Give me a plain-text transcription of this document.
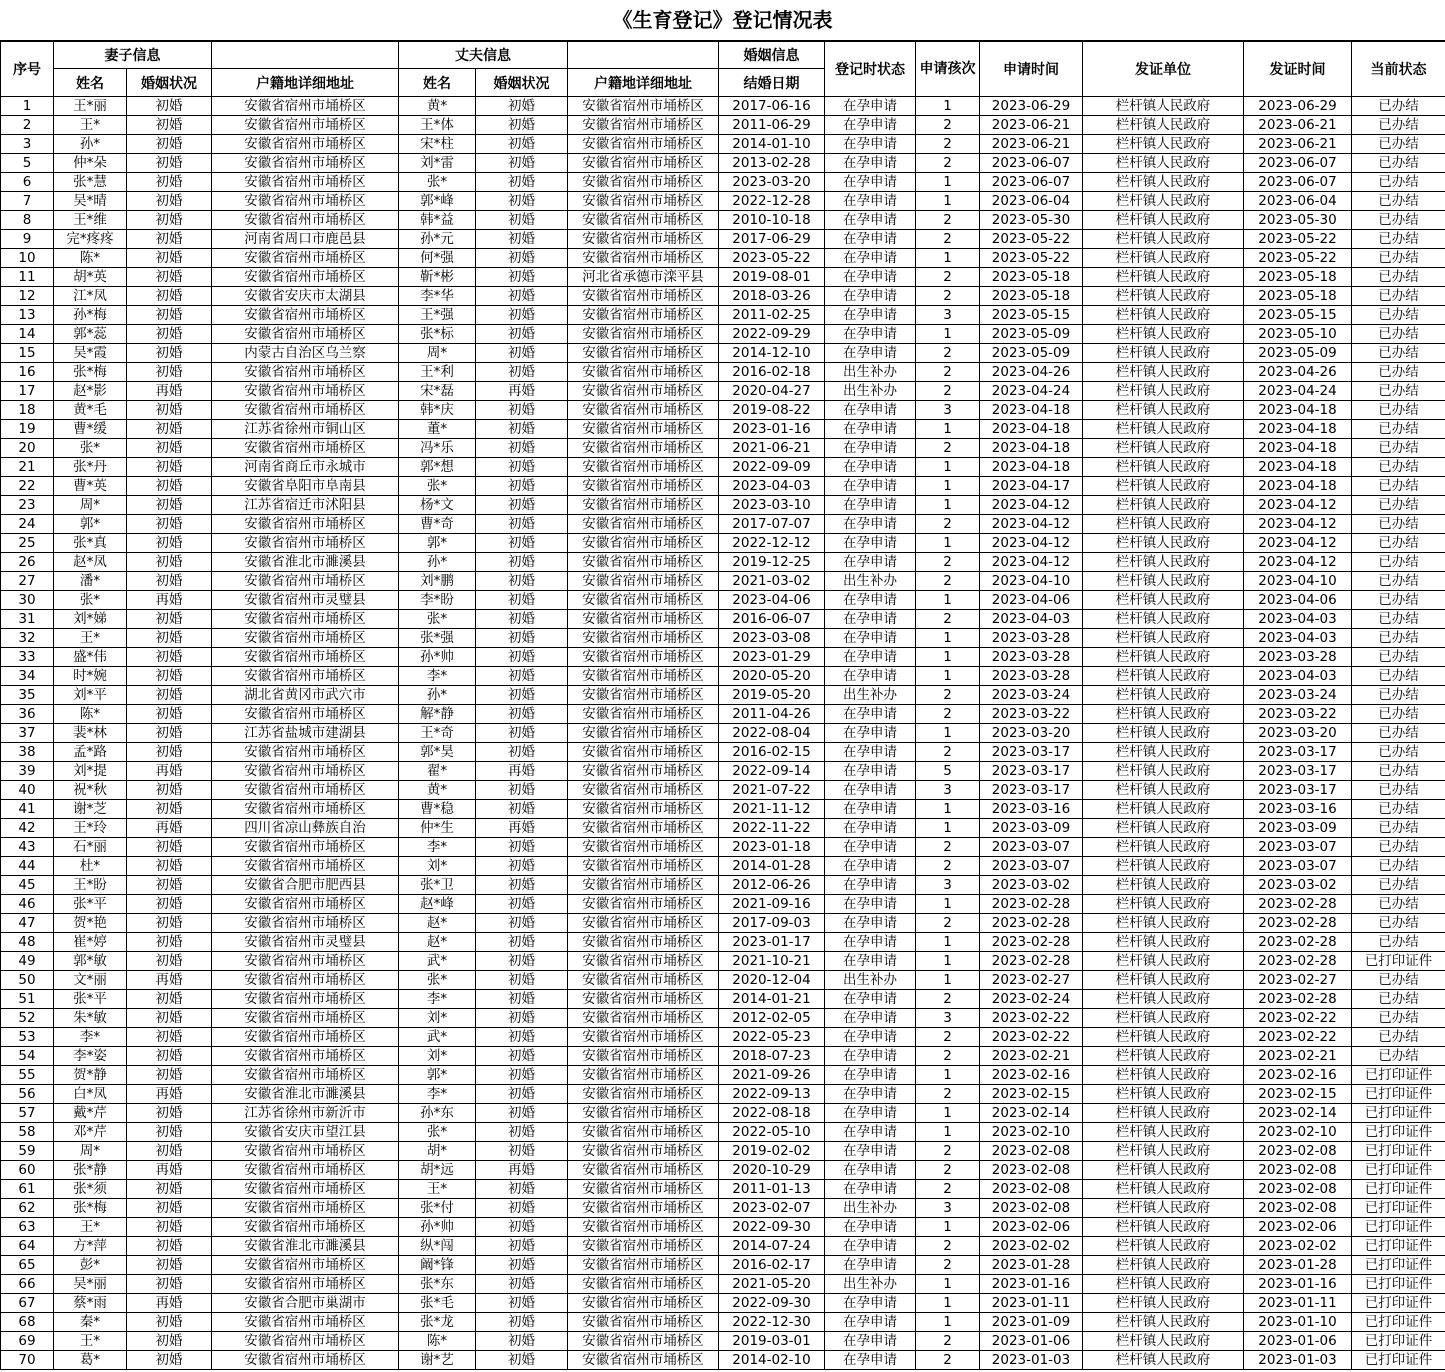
《生育登记》登记情况表
序号	妻子信息			丈夫信息			婚姻信息	登记时状态	申请孩次	申请时间	发证单位	发证时间	当前状态
	姓名	婚姻状况	户籍地详细地址	姓名	婚姻状况	户籍地详细地址	结婚日期						
1	王*丽	初婚	安徽省宿州市埇桥区	黄*	初婚	安徽省宿州市埇桥区	2017-06-16	在孕申请	1	2023-06-29	栏杆镇人民政府	2023-06-29	已办结
2	王*	初婚	安徽省宿州市埇桥区	王*体	初婚	安徽省宿州市埇桥区	2011-06-29	在孕申请	2	2023-06-21	栏杆镇人民政府	2023-06-21	已办结
3	孙*	初婚	安徽省宿州市埇桥区	宋*柱	初婚	安徽省宿州市埇桥区	2014-01-10	在孕申请	2	2023-06-21	栏杆镇人民政府	2023-06-21	已办结
5	仲*朵	初婚	安徽省宿州市埇桥区	刘*雷	初婚	安徽省宿州市埇桥区	2013-02-28	在孕申请	2	2023-06-07	栏杆镇人民政府	2023-06-07	已办结
6	张*慧	初婚	安徽省宿州市埇桥区	张*	初婚	安徽省宿州市埇桥区	2023-03-20	在孕申请	1	2023-06-07	栏杆镇人民政府	2023-06-07	已办结
7	吴*晴	初婚	安徽省宿州市埇桥区	郭*峰	初婚	安徽省宿州市埇桥区	2022-12-28	在孕申请	1	2023-06-04	栏杆镇人民政府	2023-06-04	已办结
8	王*维	初婚	安徽省宿州市埇桥区	韩*益	初婚	安徽省宿州市埇桥区	2010-10-18	在孕申请	2	2023-05-30	栏杆镇人民政府	2023-05-30	已办结
9	完*疼疼	初婚	河南省周口市鹿邑县	孙*元	初婚	安徽省宿州市埇桥区	2017-06-29	在孕申请	2	2023-05-22	栏杆镇人民政府	2023-05-22	已办结
10	陈*	初婚	安徽省宿州市埇桥区	何*强	初婚	安徽省宿州市埇桥区	2023-05-22	在孕申请	1	2023-05-22	栏杆镇人民政府	2023-05-22	已办结
11	胡*英	初婚	安徽省宿州市埇桥区	靳*彬	初婚	河北省承德市滦平县	2019-08-01	在孕申请	2	2023-05-18	栏杆镇人民政府	2023-05-18	已办结
12	江*凤	初婚	安徽省安庆市太湖县	李*华	初婚	安徽省宿州市埇桥区	2018-03-26	在孕申请	2	2023-05-18	栏杆镇人民政府	2023-05-18	已办结
13	孙*梅	初婚	安徽省宿州市埇桥区	王*强	初婚	安徽省宿州市埇桥区	2011-02-25	在孕申请	3	2023-05-15	栏杆镇人民政府	2023-05-15	已办结
14	郭*蕊	初婚	安徽省宿州市埇桥区	张*标	初婚	安徽省宿州市埇桥区	2022-09-29	在孕申请	1	2023-05-09	栏杆镇人民政府	2023-05-10	已办结
15	吴*霞	初婚	内蒙古自治区乌兰察	周*	初婚	安徽省宿州市埇桥区	2014-12-10	在孕申请	2	2023-05-09	栏杆镇人民政府	2023-05-09	已办结
16	张*梅	初婚	安徽省宿州市埇桥区	王*利	初婚	安徽省宿州市埇桥区	2016-02-18	出生补办	2	2023-04-26	栏杆镇人民政府	2023-04-26	已办结
17	赵*影	再婚	安徽省宿州市埇桥区	宋*磊	再婚	安徽省宿州市埇桥区	2020-04-27	出生补办	2	2023-04-24	栏杆镇人民政府	2023-04-24	已办结
18	黄*毛	初婚	安徽省宿州市埇桥区	韩*庆	初婚	安徽省宿州市埇桥区	2019-08-22	在孕申请	3	2023-04-18	栏杆镇人民政府	2023-04-18	已办结
19	曹*缓	初婚	江苏省徐州市铜山区	董*	初婚	安徽省宿州市埇桥区	2023-01-16	在孕申请	1	2023-04-18	栏杆镇人民政府	2023-04-18	已办结
20	张*	初婚	安徽省宿州市埇桥区	冯*乐	初婚	安徽省宿州市埇桥区	2021-06-21	在孕申请	2	2023-04-18	栏杆镇人民政府	2023-04-18	已办结
21	张*丹	初婚	河南省商丘市永城市	郭*想	初婚	安徽省宿州市埇桥区	2022-09-09	在孕申请	1	2023-04-18	栏杆镇人民政府	2023-04-18	已办结
22	曹*英	初婚	安徽省阜阳市阜南县	张*	初婚	安徽省宿州市埇桥区	2023-04-03	在孕申请	1	2023-04-17	栏杆镇人民政府	2023-04-18	已办结
23	周*	初婚	江苏省宿迁市沭阳县	杨*文	初婚	安徽省宿州市埇桥区	2023-03-10	在孕申请	1	2023-04-12	栏杆镇人民政府	2023-04-12	已办结
24	郭*	初婚	安徽省宿州市埇桥区	曹*奇	初婚	安徽省宿州市埇桥区	2017-07-07	在孕申请	2	2023-04-12	栏杆镇人民政府	2023-04-12	已办结
25	张*真	初婚	安徽省宿州市埇桥区	郭*	初婚	安徽省宿州市埇桥区	2022-12-12	在孕申请	1	2023-04-12	栏杆镇人民政府	2023-04-12	已办结
26	赵*凤	初婚	安徽省淮北市濉溪县	孙*	初婚	安徽省宿州市埇桥区	2019-12-25	在孕申请	2	2023-04-12	栏杆镇人民政府	2023-04-12	已办结
27	潘*	初婚	安徽省宿州市埇桥区	刘*鹏	初婚	安徽省宿州市埇桥区	2021-03-02	出生补办	2	2023-04-10	栏杆镇人民政府	2023-04-10	已办结
30	张*	再婚	安徽省宿州市灵璧县	李*盼	初婚	安徽省宿州市埇桥区	2023-04-06	在孕申请	1	2023-04-06	栏杆镇人民政府	2023-04-06	已办结
31	刘*娣	初婚	安徽省宿州市埇桥区	张*	初婚	安徽省宿州市埇桥区	2016-06-07	在孕申请	2	2023-04-03	栏杆镇人民政府	2023-04-03	已办结
32	王*	初婚	安徽省宿州市埇桥区	张*强	初婚	安徽省宿州市埇桥区	2023-03-08	在孕申请	1	2023-03-28	栏杆镇人民政府	2023-04-03	已办结
33	盛*伟	初婚	安徽省宿州市埇桥区	孙*帅	初婚	安徽省宿州市埇桥区	2023-01-29	在孕申请	1	2023-03-28	栏杆镇人民政府	2023-03-28	已办结
34	时*婉	初婚	安徽省宿州市埇桥区	李*	初婚	安徽省宿州市埇桥区	2020-05-20	在孕申请	1	2023-03-28	栏杆镇人民政府	2023-04-03	已办结
35	刘*平	初婚	湖北省黄冈市武穴市	孙*	初婚	安徽省宿州市埇桥区	2019-05-20	出生补办	2	2023-03-24	栏杆镇人民政府	2023-03-24	已办结
36	陈*	初婚	安徽省宿州市埇桥区	解*静	初婚	安徽省宿州市埇桥区	2011-04-26	在孕申请	2	2023-03-22	栏杆镇人民政府	2023-03-22	已办结
37	裴*林	初婚	江苏省盐城市建湖县	王*奇	初婚	安徽省宿州市埇桥区	2022-08-04	在孕申请	1	2023-03-20	栏杆镇人民政府	2023-03-20	已办结
38	孟*路	初婚	安徽省宿州市埇桥区	郭*昊	初婚	安徽省宿州市埇桥区	2016-02-15	在孕申请	2	2023-03-17	栏杆镇人民政府	2023-03-17	已办结
39	刘*提	再婚	安徽省宿州市埇桥区	翟*	再婚	安徽省宿州市埇桥区	2022-09-14	在孕申请	5	2023-03-17	栏杆镇人民政府	2023-03-17	已办结
40	祝*秋	初婚	安徽省宿州市埇桥区	黄*	初婚	安徽省宿州市埇桥区	2021-07-22	在孕申请	3	2023-03-17	栏杆镇人民政府	2023-03-17	已办结
41	谢*芝	初婚	安徽省宿州市埇桥区	曹*稳	初婚	安徽省宿州市埇桥区	2021-11-12	在孕申请	1	2023-03-16	栏杆镇人民政府	2023-03-16	已办结
42	王*玲	再婚	四川省凉山彝族自治	仲*生	再婚	安徽省宿州市埇桥区	2022-11-22	在孕申请	1	2023-03-09	栏杆镇人民政府	2023-03-09	已办结
43	石*丽	初婚	安徽省宿州市埇桥区	李*	初婚	安徽省宿州市埇桥区	2023-01-18	在孕申请	2	2023-03-07	栏杆镇人民政府	2023-03-07	已办结
44	杜*	初婚	安徽省宿州市埇桥区	刘*	初婚	安徽省宿州市埇桥区	2014-01-28	在孕申请	2	2023-03-07	栏杆镇人民政府	2023-03-07	已办结
45	王*盼	初婚	安徽省合肥市肥西县	张*卫	初婚	安徽省宿州市埇桥区	2012-06-26	在孕申请	3	2023-03-02	栏杆镇人民政府	2023-03-02	已办结
46	张*平	初婚	安徽省宿州市埇桥区	赵*峰	初婚	安徽省宿州市埇桥区	2021-09-16	在孕申请	1	2023-02-28	栏杆镇人民政府	2023-02-28	已办结
47	贺*艳	初婚	安徽省宿州市埇桥区	赵*	初婚	安徽省宿州市埇桥区	2017-09-03	在孕申请	2	2023-02-28	栏杆镇人民政府	2023-02-28	已办结
48	崔*婷	初婚	安徽省宿州市灵璧县	赵*	初婚	安徽省宿州市埇桥区	2023-01-17	在孕申请	1	2023-02-28	栏杆镇人民政府	2023-02-28	已办结
49	郭*敏	初婚	安徽省宿州市埇桥区	武*	初婚	安徽省宿州市埇桥区	2021-10-21	在孕申请	1	2023-02-28	栏杆镇人民政府	2023-02-28	已打印证件
50	文*丽	再婚	安徽省宿州市埇桥区	张*	初婚	安徽省宿州市埇桥区	2020-12-04	出生补办	1	2023-02-27	栏杆镇人民政府	2023-02-27	已办结
51	张*平	初婚	安徽省宿州市埇桥区	李*	初婚	安徽省宿州市埇桥区	2014-01-21	在孕申请	2	2023-02-24	栏杆镇人民政府	2023-02-28	已办结
52	朱*敏	初婚	安徽省宿州市埇桥区	刘*	初婚	安徽省宿州市埇桥区	2012-02-05	在孕申请	3	2023-02-22	栏杆镇人民政府	2023-02-22	已办结
53	李*	初婚	安徽省宿州市埇桥区	武*	初婚	安徽省宿州市埇桥区	2022-05-23	在孕申请	2	2023-02-22	栏杆镇人民政府	2023-02-22	已办结
54	李*姿	初婚	安徽省宿州市埇桥区	刘*	初婚	安徽省宿州市埇桥区	2018-07-23	在孕申请	2	2023-02-21	栏杆镇人民政府	2023-02-21	已办结
55	贺*静	初婚	安徽省宿州市埇桥区	郭*	初婚	安徽省宿州市埇桥区	2021-09-26	在孕申请	1	2023-02-16	栏杆镇人民政府	2023-02-16	已打印证件
56	白*凤	再婚	安徽省淮北市濉溪县	李*	初婚	安徽省宿州市埇桥区	2022-09-13	在孕申请	2	2023-02-15	栏杆镇人民政府	2023-02-15	已打印证件
57	戴*芹	初婚	江苏省徐州市新沂市	孙*东	初婚	安徽省宿州市埇桥区	2022-08-18	在孕申请	1	2023-02-14	栏杆镇人民政府	2023-02-14	已打印证件
58	邓*芹	初婚	安徽省安庆市望江县	张*	初婚	安徽省宿州市埇桥区	2022-05-10	在孕申请	1	2023-02-10	栏杆镇人民政府	2023-02-10	已打印证件
59	周*	初婚	安徽省宿州市埇桥区	胡*	初婚	安徽省宿州市埇桥区	2019-02-02	在孕申请	2	2023-02-08	栏杆镇人民政府	2023-02-08	已打印证件
60	张*静	再婚	安徽省宿州市埇桥区	胡*远	再婚	安徽省宿州市埇桥区	2020-10-29	在孕申请	2	2023-02-08	栏杆镇人民政府	2023-02-08	已打印证件
61	张*须	初婚	安徽省宿州市埇桥区	王*	初婚	安徽省宿州市埇桥区	2011-01-13	在孕申请	2	2023-02-08	栏杆镇人民政府	2023-02-08	已打印证件
62	张*梅	初婚	安徽省宿州市埇桥区	张*付	初婚	安徽省宿州市埇桥区	2023-02-07	出生补办	3	2023-02-08	栏杆镇人民政府	2023-02-08	已打印证件
63	王*	初婚	安徽省宿州市埇桥区	孙*帅	初婚	安徽省宿州市埇桥区	2022-09-30	在孕申请	1	2023-02-06	栏杆镇人民政府	2023-02-06	已打印证件
64	方*萍	初婚	安徽省淮北市濉溪县	纵*闯	初婚	安徽省宿州市埇桥区	2014-07-24	在孕申请	2	2023-02-02	栏杆镇人民政府	2023-02-02	已打印证件
65	彭*	初婚	安徽省宿州市埇桥区	阚*锋	初婚	安徽省宿州市埇桥区	2016-02-17	在孕申请	2	2023-01-28	栏杆镇人民政府	2023-01-28	已打印证件
66	吴*丽	初婚	安徽省宿州市埇桥区	张*东	初婚	安徽省宿州市埇桥区	2021-05-20	出生补办	1	2023-01-16	栏杆镇人民政府	2023-01-16	已打印证件
67	蔡*雨	再婚	安徽省合肥市巢湖市	张*毛	初婚	安徽省宿州市埇桥区	2022-09-30	在孕申请	1	2023-01-11	栏杆镇人民政府	2023-01-11	已打印证件
68	秦*	初婚	安徽省宿州市埇桥区	张*龙	初婚	安徽省宿州市埇桥区	2022-12-30	在孕申请	1	2023-01-09	栏杆镇人民政府	2023-01-10	已打印证件
69	王*	初婚	安徽省宿州市埇桥区	陈*	初婚	安徽省宿州市埇桥区	2019-03-01	在孕申请	2	2023-01-06	栏杆镇人民政府	2023-01-06	已打印证件
70	葛*	初婚	安徽省宿州市埇桥区	谢*艺	初婚	安徽省宿州市埇桥区	2014-02-10	在孕申请	2	2023-01-03	栏杆镇人民政府	2023-01-03	已打印证件
